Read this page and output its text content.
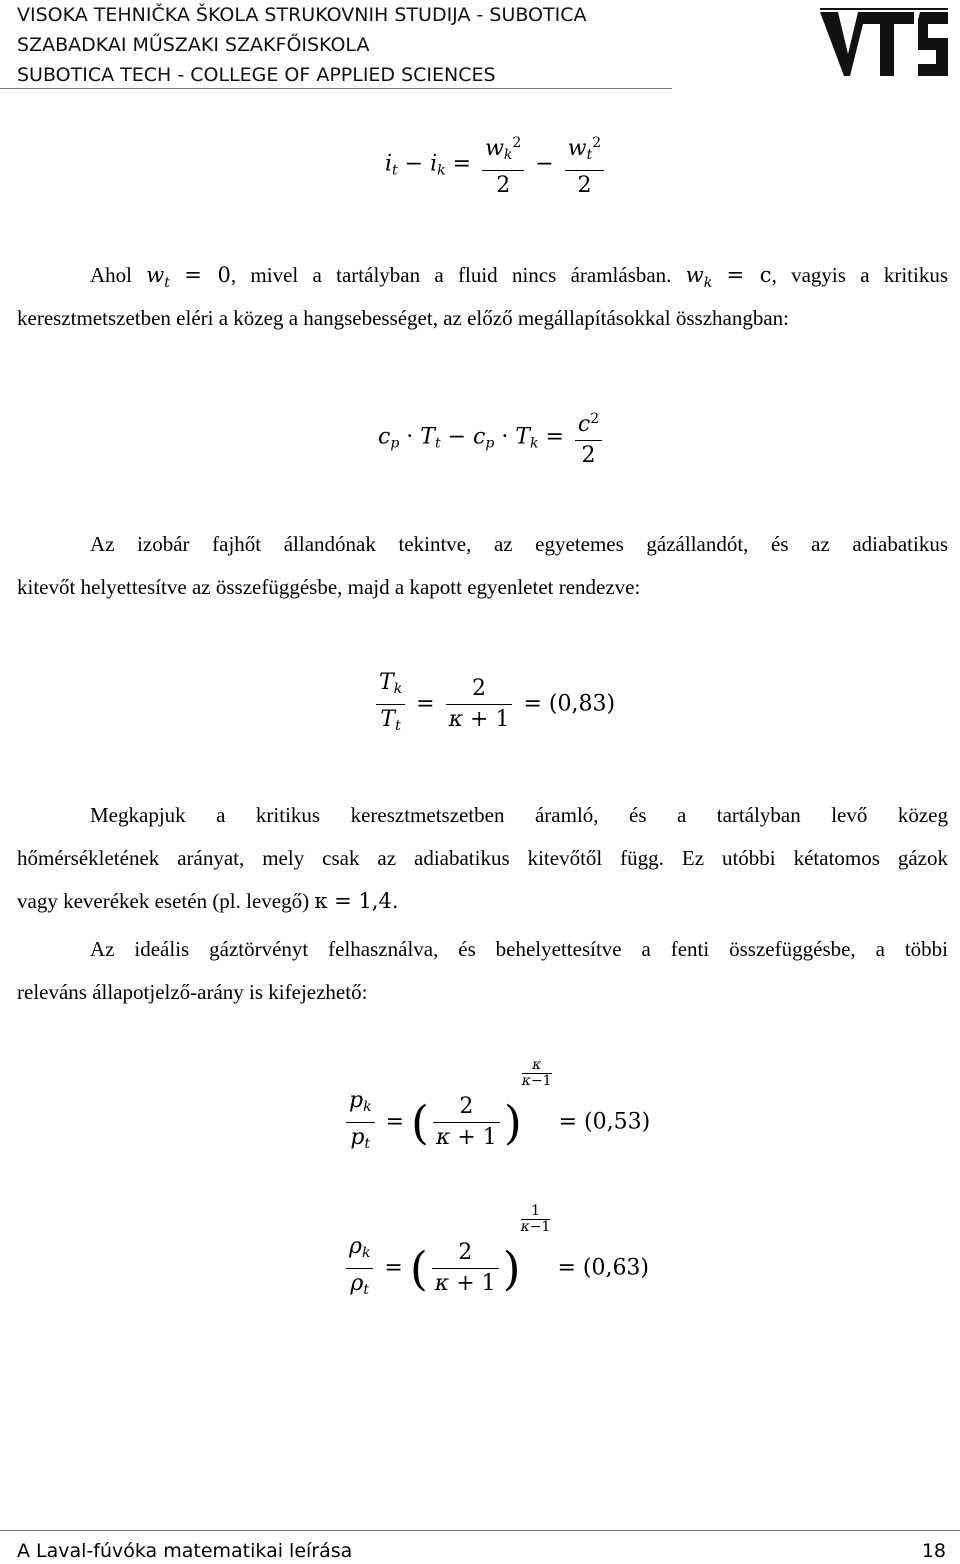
VISOKA TEHNIČKA ŠKOLA STRUKOVNIH STUDIJA - SUBOTICA
SZABADKAI MŰSZAKI SZAKFŐISKOLA
SUBOTICA TECH - COLLEGE OF APPLIED SCIENCES
$i_t - i_k = \frac{w_k^2}{2} - \frac{w_t^2}{2}$
Ahol $w_t = 0$, mivel a tartályban a fluid nincs áramlásban. $w_k = c$, vagyis a kritikus
keresztmetszetben eléri a közeg a hangsebességet, az előző megállapításokkal összhangban:
$c_p \cdot T_t - c_p \cdot T_k = \frac{c^2}{2}$
Az izobár fajhőt állandónak tekintve, az egyetemes gázállandót, és az adiabatikus
kitevőt helyettesítve az összefüggésbe, majd a kapott egyenletet rendezve:
$\frac{T_k}{T_t} = \frac{2}{\kappa + 1} = (0,83)$
Megkapjuk a kritikus keresztmetszetben áramló, és a tartályban levő közeg
hőmérsékletének arányat, mely csak az adiabatikus kitevőtől függ. Ez utóbbi kétatomos gázok
vagy keverékek esetén (pl. levegő) κ = 1,4.
Az ideális gáztörvényt felhasználva, és behelyettesítve a fenti összefüggésbe, a többi
releváns állapotjelző-arány is kifejezhető:
$\frac{p_k}{p_t}$ = ( $\frac{2}{\kappa + 1}$ )
$\frac{\kappa}{\kappa-1}$
= (0,53)
$\frac{\rho_k}{\rho_t}$ = ( $\frac{2}{\kappa + 1}$ )
$\frac{1}{\kappa-1}$
= (0,63)
A Laval-fúvóka matematikai leírása	18
